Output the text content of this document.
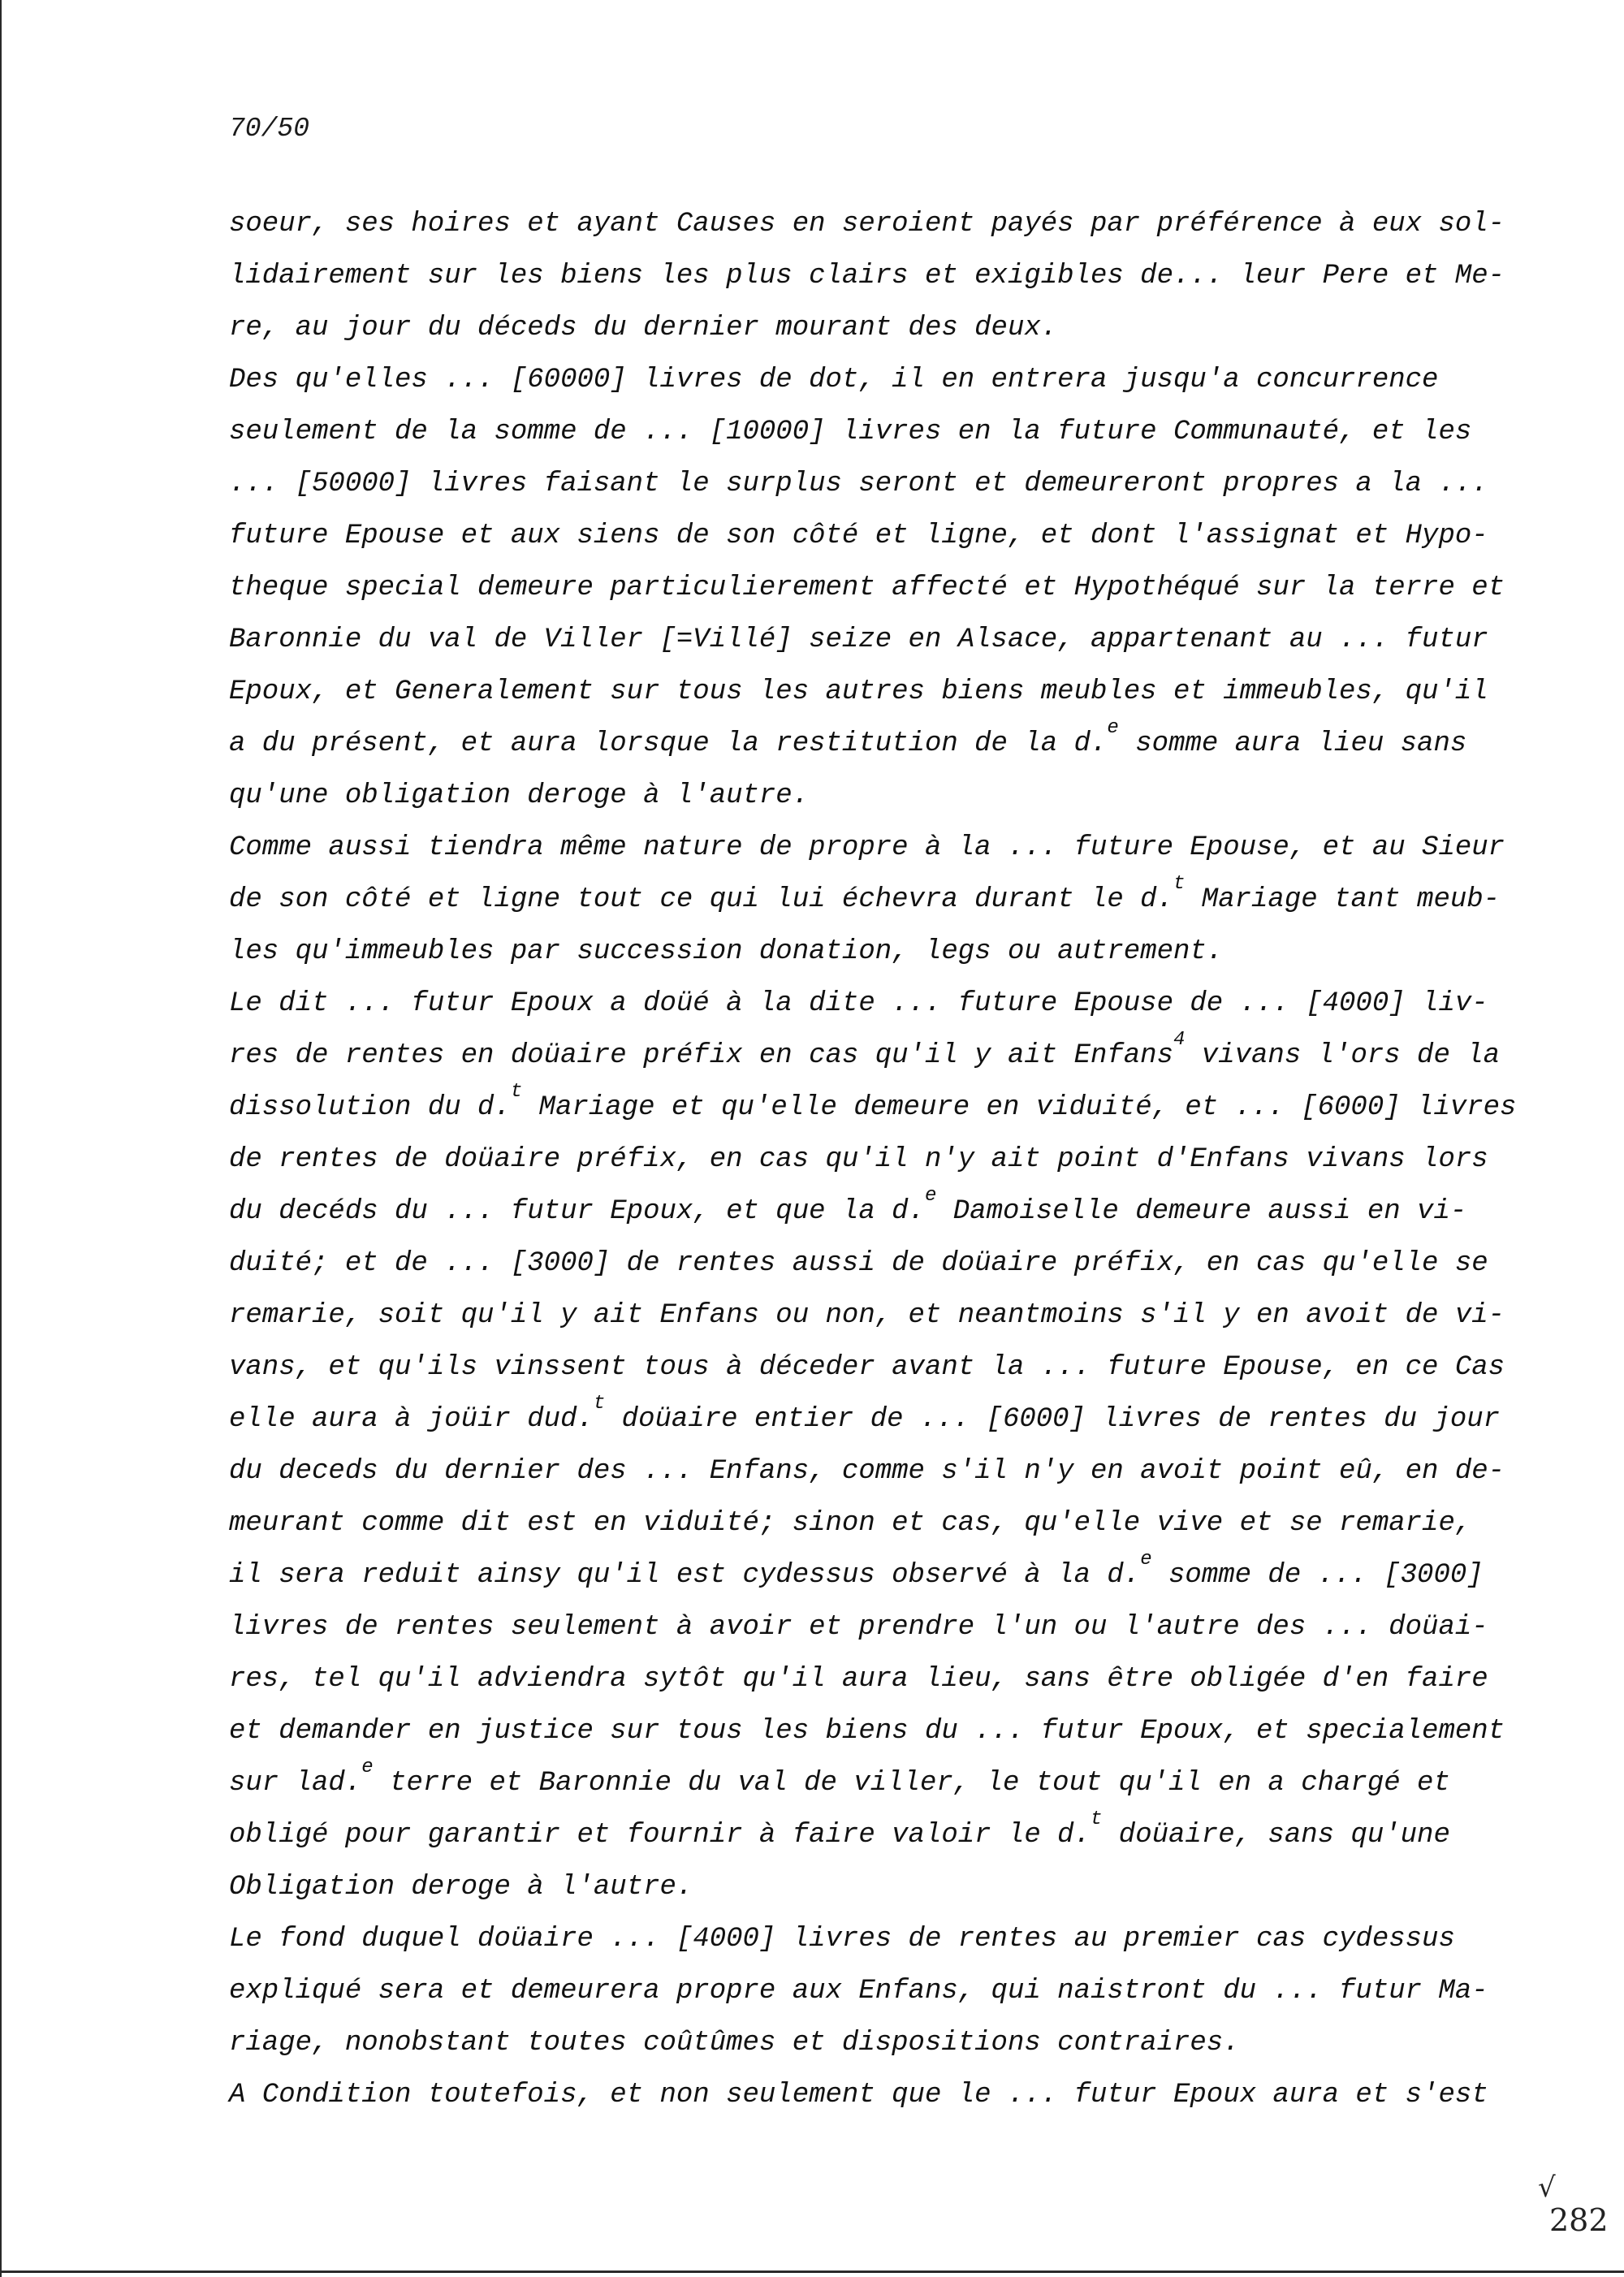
70/50
soeur, ses hoires et ayant Causes en seroient payés par préférence à eux sol-
lidairement sur les biens les plus clairs et exigibles de... leur Pere et Me-
re, au jour du déceds du dernier mourant des deux.
Des qu'elles ... [60000] livres de dot, il en entrera jusqu'a concurrence
seulement de la somme de ... [10000] livres en la future Communauté, et les
... [50000] livres faisant le surplus seront et demeureront propres a la ...
future Epouse et aux siens de son côté et ligne, et dont l'assignat et Hypo-
theque special demeure particulierement affecté et Hypothéqué sur la terre et
Baronnie du val de Viller [=Villé] seize en Alsace, appartenant au ... futur
Epoux, et Generalement sur tous les autres biens meubles et immeubles, qu'il
a du présent, et aura lorsque la restitution de la d.$^e$ somme aura lieu sans
qu'une obligation deroge à l'autre.
Comme aussi tiendra même nature de propre à la ... future Epouse, et au Sieur
de son côté et ligne tout ce qui lui échevra durant le d.$^t$ Mariage tant meub-
les qu'immeubles par succession donation, legs ou autrement.
Le dit ... futur Epoux a doüé à la dite ... future Epouse de ... [4000] liv-
res de rentes en doüaire préfix en cas qu'il y ait Enfans$^4$ vivans l'ors de la
dissolution du d.$^t$ Mariage et qu'elle demeure en viduité, et ... [6000] livres
de rentes de doüaire préfix, en cas qu'il n'y ait point d'Enfans vivans lors
du decéds du ... futur Epoux, et que la d.$^e$ Damoiselle demeure aussi en vi-
duité; et de ... [3000] de rentes aussi de doüaire préfix, en cas qu'elle se
remarie, soit qu'il y ait Enfans ou non, et neantmoins s'il y en avoit de vi-
vans, et qu'ils vinssent tous à déceder avant la ... future Epouse, en ce Cas
elle aura à joüir dud.$^t$ doüaire entier de ... [6000] livres de rentes du jour
du deceds du dernier des ... Enfans, comme s'il n'y en avoit point eû, en de-
meurant comme dit est en viduité; sinon et cas, qu'elle vive et se remarie,
il sera reduit ainsy qu'il est cydessus observé à la d.$^e$ somme de ... [3000]
livres de rentes seulement à avoir et prendre l'un ou l'autre des ... doüai-
res, tel qu'il adviendra sytôt qu'il aura lieu, sans être obligée d'en faire
et demander en justice sur tous les biens du ... futur Epoux, et specialement
sur lad.$^e$ terre et Baronnie du val de viller, le tout qu'il en a chargé et
obligé pour garantir et fournir à faire valoir le d.$^t$ doüaire, sans qu'une
Obligation deroge à l'autre.
Le fond duquel doüaire ... [4000] livres de rentes au premier cas cydessus
expliqué sera et demeurera propre aux Enfans, qui naistront du ... futur Ma-
riage, nonobstant toutes coûtûmes et dispositions contraires.
A Condition toutefois, et non seulement que le ... futur Epoux aura et s'est
√
282
